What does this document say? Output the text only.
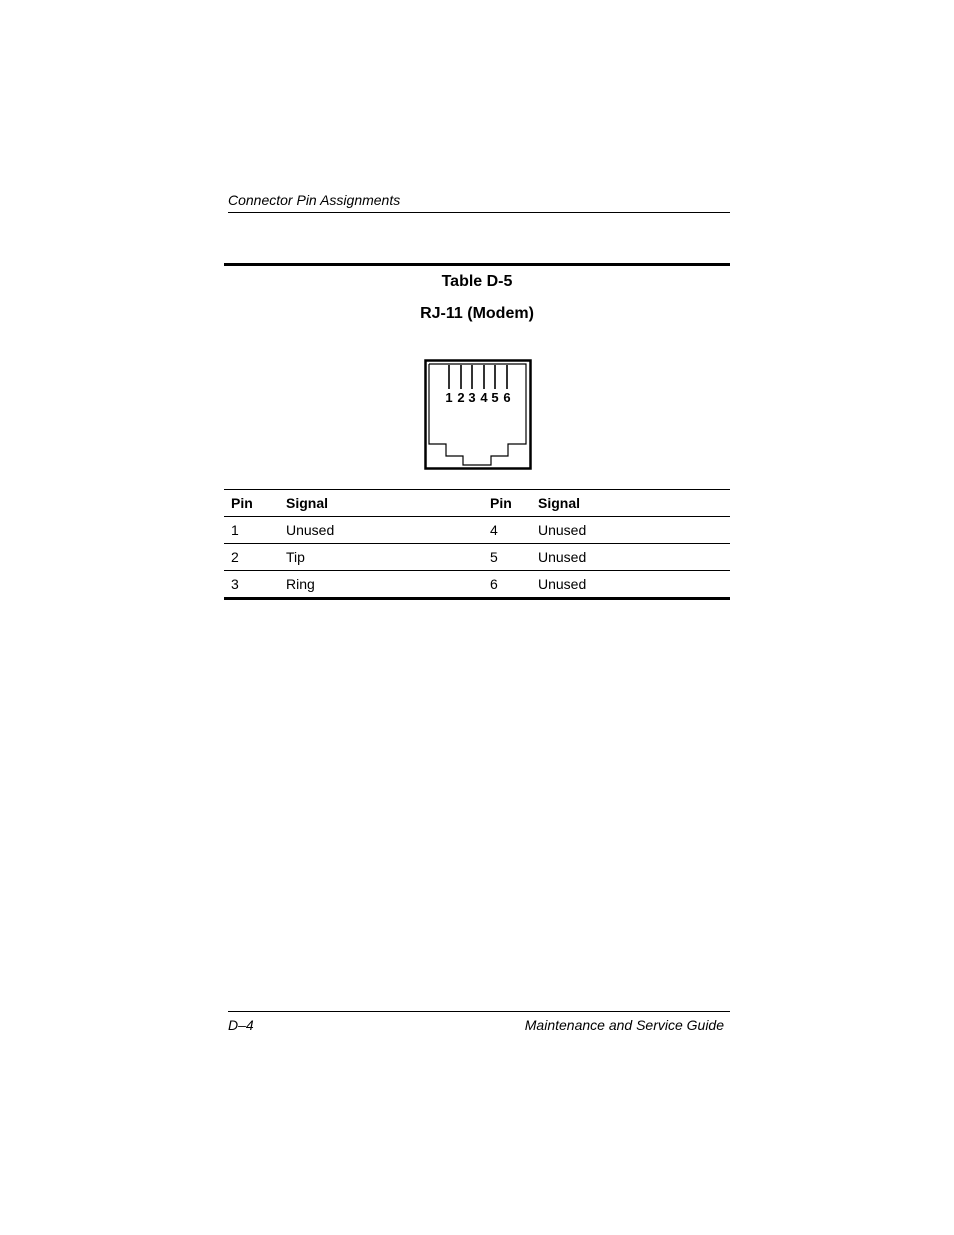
Connector Pin Assignments
Table D-5
RJ-11 (Modem)
1 2 3 4 5 6
Pin	Signal	Pin	Signal
1	Unused	4	Unused
2	Tip	5	Unused
3	Ring	6	Unused
D–4	Maintenance and Service Guide
